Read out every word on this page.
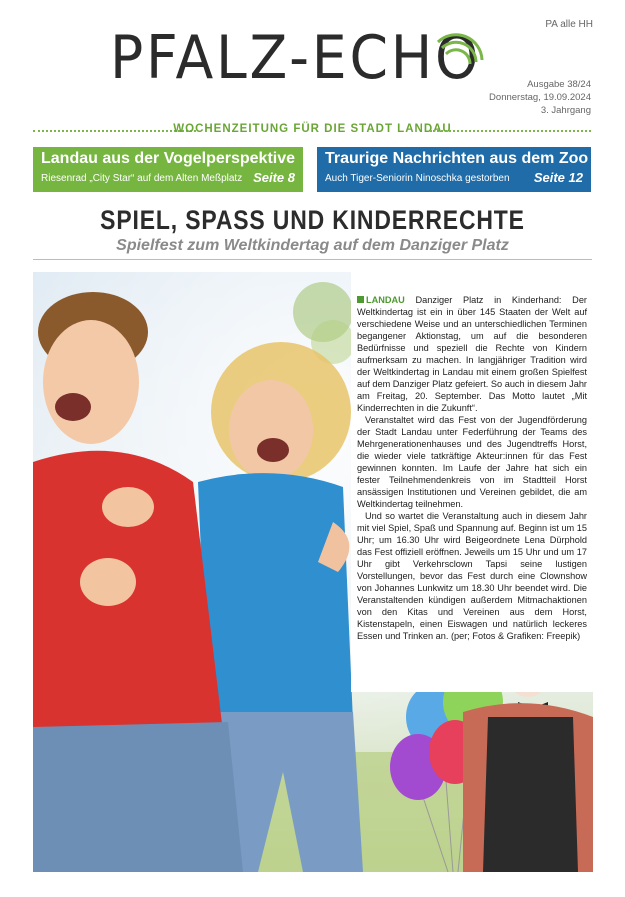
PA alle HH
PFALZ-ECHO	Ausgabe 38/24
Donnerstag, 19.09.2024
3. Jahrgang
WOCHENZEITUNG FÜR DIE STADT LANDAU
Landau aus der Vogelperspektive
Riesenrad „City Star“ auf dem Alten Meßplatz Seite 8
Traurige Nachrichten aus dem Zoo
Auch Tiger-Seniorin Ninoschka gestorben Seite 12
SPIEL, SPASS UND KINDERRECHTE
Spielfest zum Weltkindertag auf dem Danziger Platz

LANDAU Danziger Platz in Kinderhand: Der Weltkindertag ist ein in über 145 Staaten der Welt auf verschiedene Weise und an unterschiedlichen Terminen begangener Aktionstag, um auf die besonderen Bedürfnisse und speziell die Rechte von Kindern aufmerksam zu machen. In langjähriger Tradition wird der Weltkindertag in Landau mit einem großen Spielfest auf dem Danziger Platz gefeiert. So auch in diesem Jahr am Freitag, 20. September. Das Motto lautet „Mit Kinderrechten in die Zukunft“.

Veranstaltet wird das Fest von der Jugendförderung der Stadt Landau unter Federführung der Teams des Mehrgenerationenhauses und des Jugendtreffs Horst, die wieder viele tatkräftige Akteur:innen für das Fest gewinnen konnten. Im Laufe der Jahre hat sich ein fester Teilnehmendenkreis von im Stadtteil Horst ansässigen Institutionen und Vereinen gebildet, die am Weltkindertag teilnehmen.

Und so wartet die Veranstaltung auch in diesem Jahr mit viel Spiel, Spaß und Spannung auf. Beginn ist um 15 Uhr; um 16.30 Uhr wird Beigeordnete Lena Dürphold das Fest offiziell eröffnen. Jeweils um 15 Uhr und um 17 Uhr gibt Verkehrsclown Tapsi seine lustigen Vorstellungen, bevor das Fest durch eine Clownshow von Johannes Lunkwitz um 18.30 Uhr beendet wird. Die Veranstaltenden kündigen außerdem Mitmachaktionen von den Kitas und Vereinen aus dem Horst, Kistenstapeln, einen Eiswagen und natürlich leckeres Essen und Trinken an. (per; Fotos & Grafiken: Freepik)
